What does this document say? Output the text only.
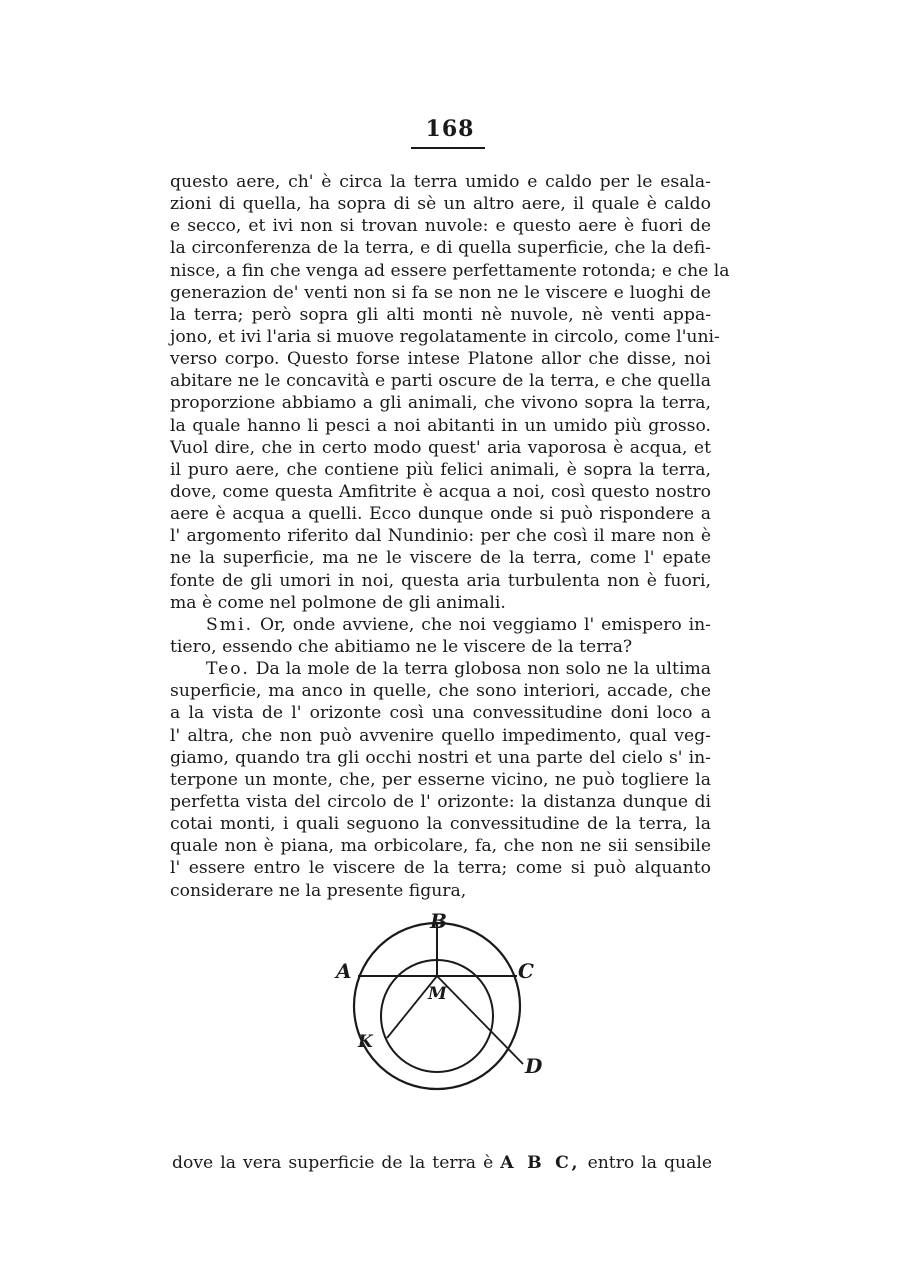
168
questo aere, ch' è circa la terra umido e caldo per le esala-
zioni di quella, ha sopra di sè un altro aere, il quale è caldo
e secco, et ivi non si trovan nuvole: e questo aere è fuori de
la circonferenza de la terra, e di quella superficie, che la defi-
nisce, a fin che venga ad essere perfettamente rotonda; e che la
generazion de' venti non si fa se non ne le viscere e luoghi de
la terra; però sopra gli alti monti nè nuvole, nè venti appa-
jono, et ivi l'aria si muove regolatamente in circolo, come l'uni-
verso corpo. Questo forse intese Platone allor che disse, noi
abitare ne le concavità e parti oscure de la terra, e che quella
proporzione abbiamo a gli animali, che vivono sopra la terra,
la quale hanno li pesci a noi abitanti in un umido più grosso.
Vuol dire, che in certo modo quest' aria vaporosa è acqua, et
il puro aere, che contiene più felici animali, è sopra la terra,
dove, come questa Amfitrite è acqua a noi, così questo nostro
aere è acqua a quelli. Ecco dunque onde si può rispondere a
l' argomento riferito dal Nundinio: per che così il mare non è
ne la superficie, ma ne le viscere de la terra, come l' epate
fonte de gli umori in noi, questa aria turbulenta non è fuori,
ma è come nel polmone de gli animali.
Smi. Or, onde avviene, che noi veggiamo l' emispero in-
tiero, essendo che abitiamo ne le viscere de la terra?
Teo. Da la mole de la terra globosa non solo ne la ultima
superficie, ma anco in quelle, che sono interiori, accade, che
a la vista de l' orizonte così una convessitudine doni loco a
l' altra, che non può avvenire quello impedimento, qual veg-
giamo, quando tra gli occhi nostri et una parte del cielo s' in-
terpone un monte, che, per esserne vicino, ne può togliere la
perfetta vista del circolo de l' orizonte: la distanza dunque di
cotai monti, i quali seguono la convessitudine de la terra, la
quale non è piana, ma orbicolare, fa, che non ne sii sensibile
l' essere entro le viscere de la terra; come si può alquanto
considerare ne la presente figura,
B
A	C
M
K
D
dove la vera superficie de la terra è A B C, entro la quale
